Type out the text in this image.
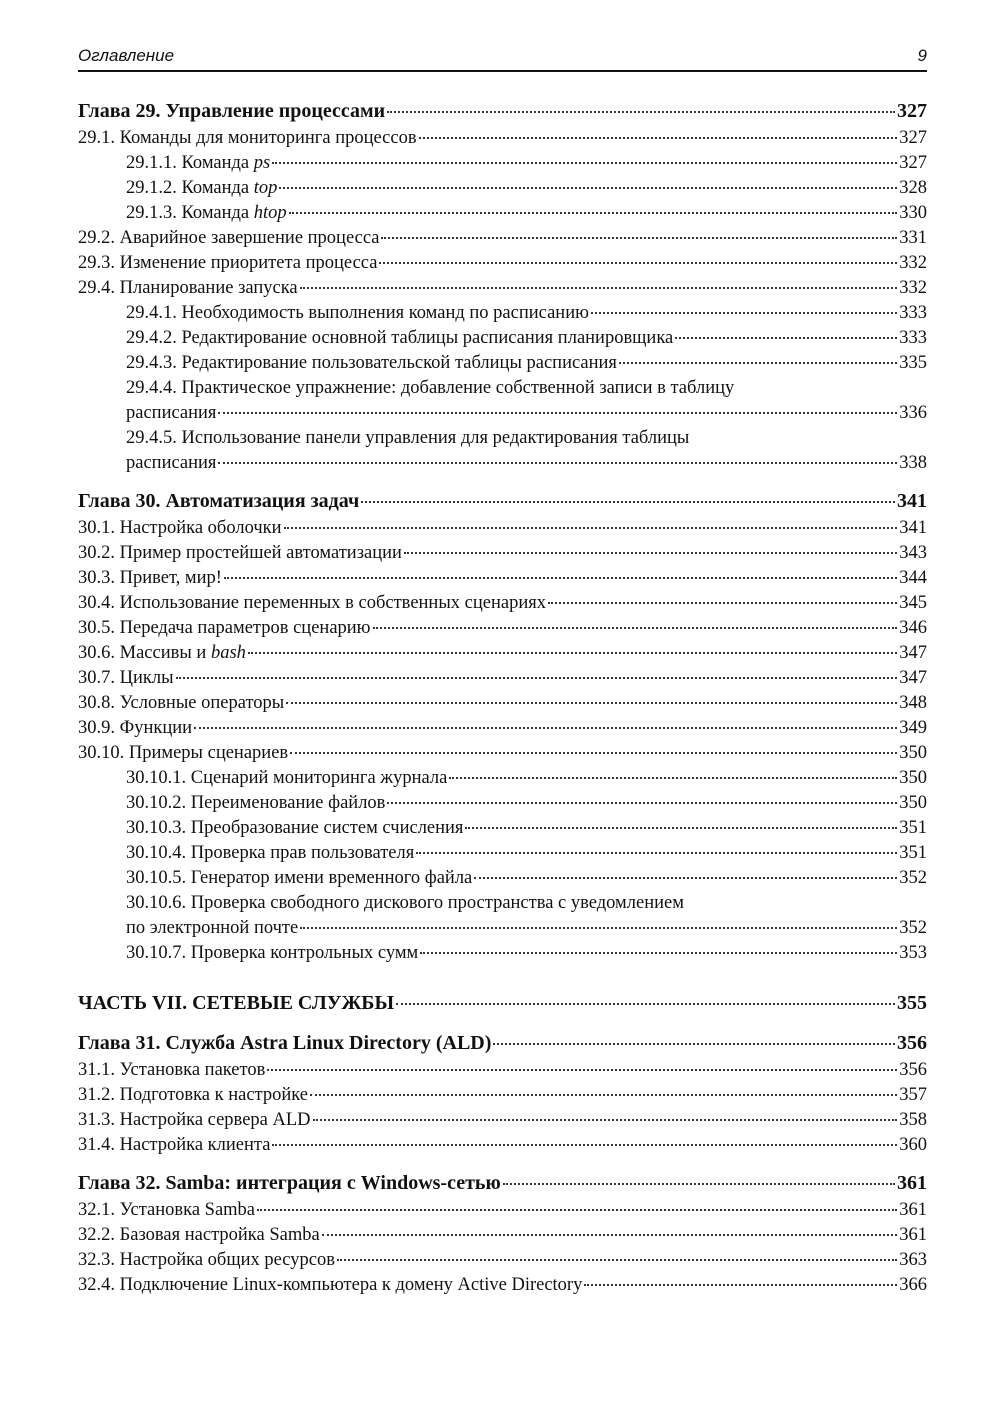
Оглавление	9
Глава 29. Управление процессами	327
29.1. Команды для мониторинга процессов	327
29.1.1. Команда ps	327
29.1.2. Команда top	328
29.1.3. Команда htop	330
29.2. Аварийное завершение процесса	331
29.3. Изменение приоритета процесса	332
29.4. Планирование запуска	332
29.4.1. Необходимость выполнения команд по расписанию	333
29.4.2. Редактирование основной таблицы расписания планировщика	333
29.4.3. Редактирование пользовательской таблицы расписания	335
29.4.4. Практическое упражнение: добавление собственной записи в таблицу
расписания	336
29.4.5. Использование панели управления для редактирования таблицы
расписания	338
Глава 30. Автоматизация задач	341
30.1. Настройка оболочки	341
30.2. Пример простейшей автоматизации	343
30.3. Привет, мир!	344
30.4. Использование переменных в собственных сценариях	345
30.5. Передача параметров сценарию	346
30.6. Массивы и bash	347
30.7. Циклы	347
30.8. Условные операторы	348
30.9. Функции	349
30.10. Примеры сценариев	350
30.10.1. Сценарий мониторинга журнала	350
30.10.2. Переименование файлов	350
30.10.3. Преобразование систем счисления	351
30.10.4. Проверка прав пользователя	351
30.10.5. Генератор имени временного файла	352
30.10.6. Проверка свободного дискового пространства с уведомлением
по электронной почте	352
30.10.7. Проверка контрольных сумм	353
ЧАСТЬ VII. СЕТЕВЫЕ СЛУЖБЫ	355
Глава 31. Служба Astra Linux Directory (ALD)	356
31.1. Установка пакетов	356
31.2. Подготовка к настройке	357
31.3. Настройка сервера ALD	358
31.4. Настройка клиента	360
Глава 32. Samba: интеграция с Windows-сетью	361
32.1. Установка Samba	361
32.2. Базовая настройка Samba	361
32.3. Настройка общих ресурсов	363
32.4. Подключение Linux-компьютера к домену Active Directory	366
